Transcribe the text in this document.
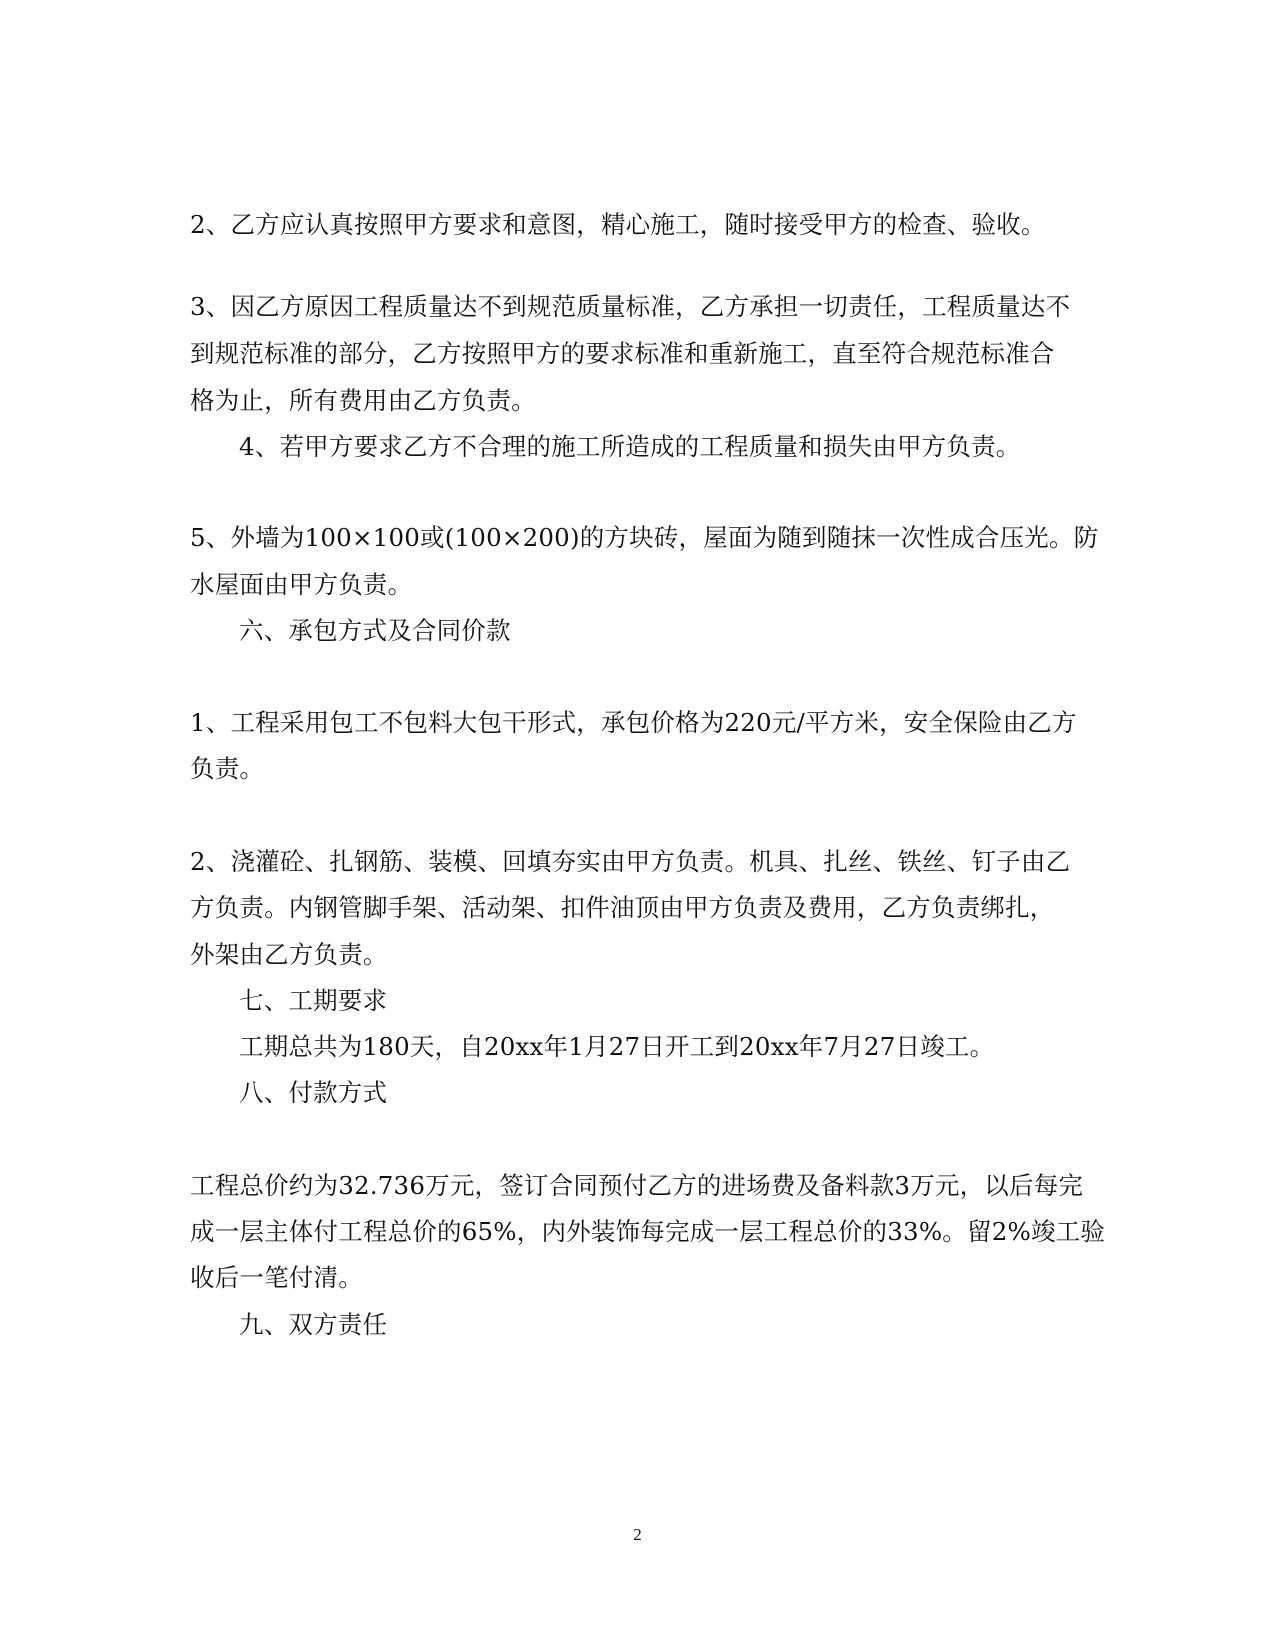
2、乙方应认真按照甲方要求和意图，精心施工，随时接受甲方的检查、验收。

3、因乙方原因工程质量达不到规范质量标准，乙方承担一切责任，工程质量达不

到规范标准的部分，乙方按照甲方的要求标准和重新施工，直至符合规范标准合

格为止，所有费用由乙方负责。

4、若甲方要求乙方不合理的施工所造成的工程质量和损失由甲方负责。

5、外墙为100×100或(100×200)的方块砖，屋面为随到随抹一次性成合压光。防

水屋面由甲方负责。

六、承包方式及合同价款

1、工程采用包工不包料大包干形式，承包价格为220元/平方米，安全保险由乙方

负责。

2、浇灌砼、扎钢筋、装模、回填夯实由甲方负责。机具、扎丝、铁丝、钉子由乙

方负责。内钢管脚手架、活动架、扣件油顶由甲方负责及费用，乙方负责绑扎，

外架由乙方负责。

七、工期要求

工期总共为180天，自20xx年1月27日开工到20xx年7月27日竣工。

八、付款方式

工程总价约为32.736万元，签订合同预付乙方的进场费及备料款3万元，以后每完

成一层主体付工程总价的65%，内外装饰每完成一层工程总价的33%。留2%竣工验

收后一笔付清。

九、双方责任

2
